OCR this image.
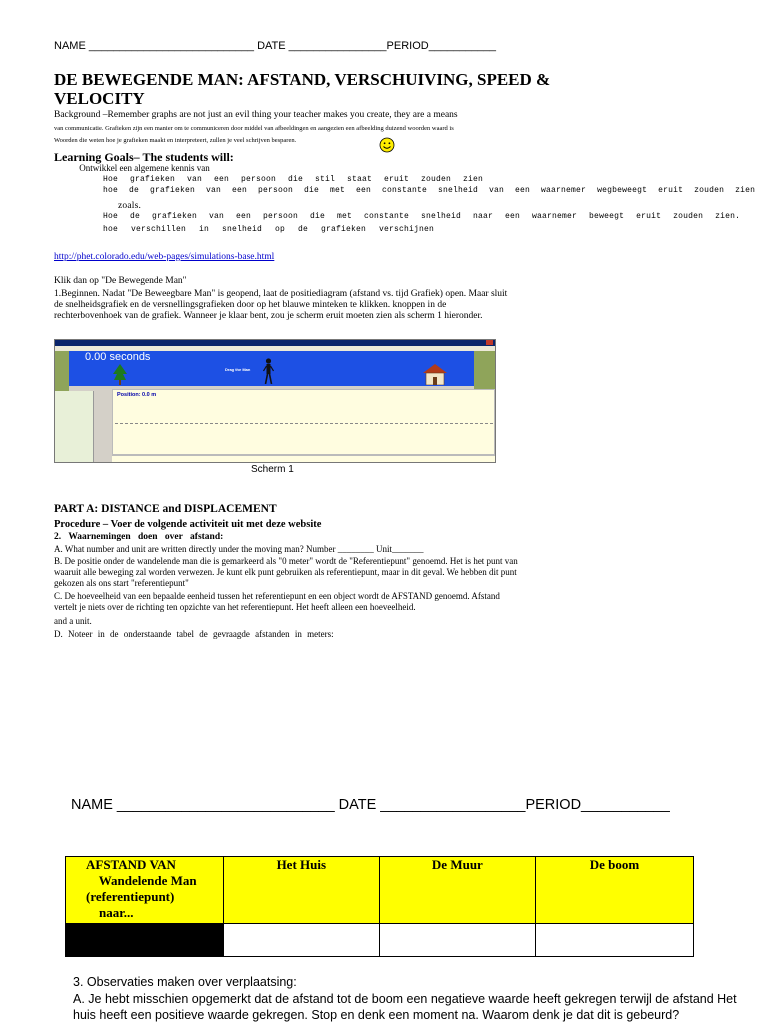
NAME ___________________________ DATE ________________PERIOD___________
DE BEWEGENDE MAN: AFSTAND, VERSCHUIVING, SPEED & VELOCITY
Background –Remember graphs are not just an evil thing your teacher makes you create, they are a means
van communicatie. Grafieken zijn een manier om te communiceren door middel van afbeeldingen en aangezien een afbeelding duizend woorden waard is
Woorden die weten hoe je grafieken maakt en interpreteert, zullen je veel schrijven besparen.
Learning Goals– The students will:
Ontwikkel een algemene kennis van
Hoe grafieken van een persoon die stil staat eruit zouden zien
hoe de grafieken van een persoon die met een constante snelheid van een waarnemer wegbeweegt eruit zouden zien
zoals.
Hoe de grafieken van een persoon die met constante snelheid naar een waarnemer beweegt eruit zouden zien.
hoe verschillen in snelheid op de grafieken verschijnen
http://phet.colorado.edu/web-pages/simulations-base.html
Klik dan op "De Bewegende Man"
1.Beginnen. Nadat "De Beweegbare Man" is geopend, laat de positiediagram (afstand vs. tijd Grafiek) open. Maar sluit de snelheidsgrafiek en de versnellingsgrafieken door op het blauwe minteken te klikken. knoppen in de rechterbovenhoek van de grafiek. Wanneer je klaar bent, zou je scherm eruit moeten zien als scherm 1 hieronder.
0.00 seconds
Drag the Man
Position: 0.0 m
Scherm 1
PART A: DISTANCE and DISPLACEMENT
Procedure – Voer de volgende activiteit uit met deze website
2. Waarnemingen doen over afstand:
A. What number and unit are written directly under the moving man? Number ________ Unit_______
B. De positie onder de wandelende man die is gemarkeerd als "0 meter" wordt de "Referentiepunt" genoemd. Het is het punt van waaruit alle beweging zal worden verwezen. Je kunt elk punt gebruiken als referentiepunt, maar in dit geval. We hebben dit punt gekozen als ons start "referentiepunt"
C. De hoeveelheid van een bepaalde eenheid tussen het referentiepunt en een object wordt de AFSTAND genoemd. Afstand vertelt je niets over de richting ten opzichte van het referentiepunt. Het heeft alleen een hoeveelheid.
and a unit.
D. Noteer in de onderstaande tabel de gevraagde afstanden in meters:
NAME ___________________________ DATE __________________PERIOD___________
AFSTAND VAN
Wandelende Man
(referentiepunt)
naar...	Het Huis	De Muur	De boom

3. Observaties maken over verplaatsing:
A. Je hebt misschien opgemerkt dat de afstand tot de boom een negatieve waarde heeft gekregen terwijl de afstand Het huis heeft een positieve waarde gekregen. Stop en denk een moment na. Waarom denk je dat dit is gebeurd?
